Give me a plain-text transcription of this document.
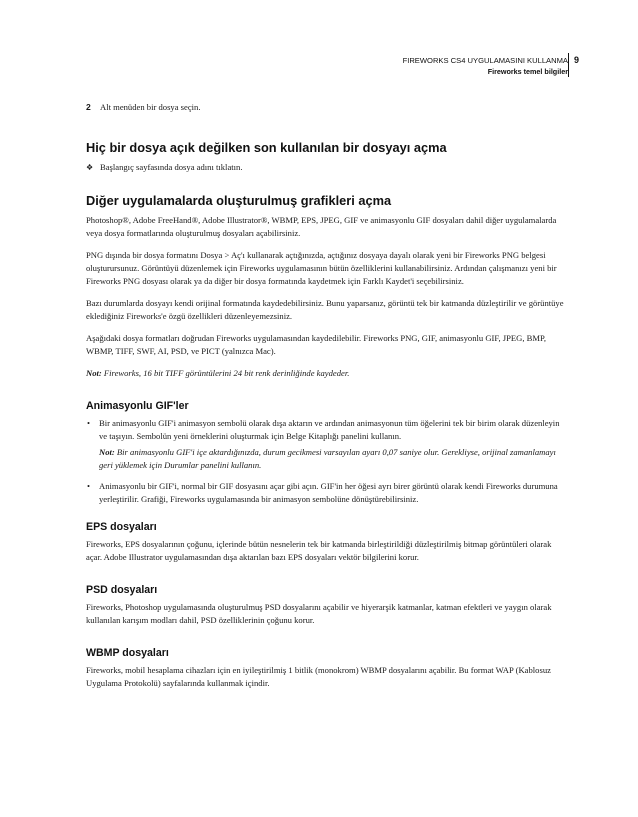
FIREWORKS CS4 UYGULAMASINI KULLANMA
Fireworks temel bilgiler
9

2 Alt menüden bir dosya seçin.

Hiç bir dosya açık değilken son kullanılan bir dosyayı açma

❖ Başlangıç sayfasında dosya adını tıklatın.

Diğer uygulamalarda oluşturulmuş grafikleri açma

Photoshop®, Adobe FreeHand®, Adobe Illustrator®, WBMP, EPS, JPEG, GIF ve animasyonlu GIF dosyaları dahil diğer uygulamalarda veya dosya formatlarında oluşturulmuş dosyaları açabilirsiniz.

PNG dışında bir dosya formatını Dosya > Aç'ı kullanarak açtığınızda, açtığınız dosyaya dayalı olarak yeni bir Fireworks PNG belgesi oluşturursunuz. Görüntüyü düzenlemek için Fireworks uygulamasının bütün özelliklerini kullanabilirsiniz. Ardından çalışmanızı yeni bir Fireworks PNG dosyası olarak ya da diğer bir dosya formatında kaydetmek için Farklı Kaydet'i seçebilirsiniz.

Bazı durumlarda dosyayı kendi orijinal formatında kaydedebilirsiniz. Bunu yaparsanız, görüntü tek bir katmanda düzleştirilir ve görüntüye eklediğiniz Fireworks'e özgü özellikleri düzenleyemezsiniz.

Aşağıdaki dosya formatları doğrudan Fireworks uygulamasından kaydedilebilir. Fireworks PNG, GIF, animasyonlu GIF, JPEG, BMP, WBMP, TIFF, SWF, AI, PSD, ve PICT (yalnızca Mac).

Not: Fireworks, 16 bit TIFF görüntülerini 24 bit renk derinliğinde kaydeder.

Animasyonlu GIF'ler
• Bir animasyonlu GIF'i animasyon sembolü olarak dışa aktarın ve ardından animasyonun tüm öğelerini tek bir birim olarak düzenleyin ve taşıyın. Sembolün yeni örneklerini oluşturmak için Belge Kitaplığı panelini kullanın.
Not: Bir animasyonlu GIF'i içe aktardığınızda, durum gecikmesi varsayılan ayarı 0,07 saniye olur. Gerekliyse, orijinal zamanlamayı geri yüklemek için Durumlar panelini kullanın.
• Animasyonlu bir GIF'i, normal bir GIF dosyasını açar gibi açın. GIF'in her öğesi ayrı birer görüntü olarak kendi Fireworks durumuna yerleştirilir. Grafiği, Fireworks uygulamasında bir animasyon sembolüne dönüştürebilirsiniz.
EPS dosyaları

Fireworks, EPS dosyalarının çoğunu, içlerinde bütün nesnelerin tek bir katmanda birleştirildiği düzleştirilmiş bitmap görüntüleri olarak açar. Adobe Illustrator uygulamasından dışa aktarılan bazı EPS dosyaları vektör bilgilerini korur.

PSD dosyaları

Fireworks, Photoshop uygulamasında oluşturulmuş PSD dosyalarını açabilir ve hiyerarşik katmanlar, katman efektleri ve yaygın olarak kullanılan karışım modları dahil, PSD özelliklerinin çoğunu korur.

WBMP dosyaları

Fireworks, mobil hesaplama cihazları için en iyileştirilmiş 1 bitlik (monokrom) WBMP dosyalarını açabilir. Bu format WAP (Kablosuz Uygulama Protokolü) sayfalarında kullanmak içindir.
